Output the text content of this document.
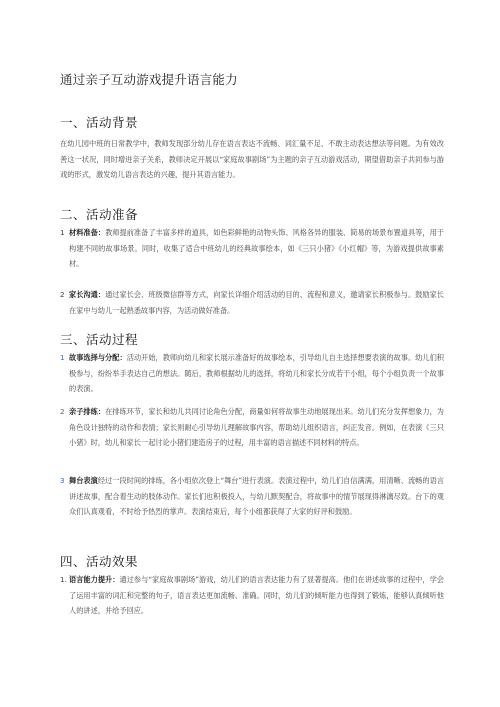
通过亲子互动游戏提升语言能力
一、活动背景
在幼儿园中班的日常教学中，教师发现部分幼儿存在语言表达不流畅、词汇量不足、不敢主动表达想法等问题。为有效改善这一状况，同时增进亲子关系，教师决定开展以“家庭故事剧场”为主题的亲子互动游戏活动，期望借助亲子共同参与游戏的形式，激发幼儿语言表达的兴趣，提升其语言能力。
二、活动准备
1 材料准备：教师提前准备了丰富多样的道具，如色彩鲜艳的动物头饰、风格各异的服装、简易的场景布置道具等，用于构建不同的故事场景。同时，收集了适合中班幼儿的经典故事绘本，如《三只小猪》《小红帽》等，为游戏提供故事素材。
2 家长沟通：通过家长会、班级微信群等方式，向家长详细介绍活动的目的、流程和意义，邀请家长积极参与。鼓励家长在家中与幼儿一起熟悉故事内容，为活动做好准备。
三、活动过程
1 故事选择与分配：活动开始，教师向幼儿和家长展示准备好的故事绘本，引导幼儿自主选择想要表演的故事。幼儿们积极参与，纷纷举手表达自己的想法。随后，教师根据幼儿的选择，将幼儿和家长分成若干小组，每个小组负责一个故事的表演。
2 亲子排练：在排练环节，家长和幼儿共同讨论角色分配，商量如何将故事生动地展现出来。幼儿们充分发挥想象力，为角色设计独特的动作和表情；家长则耐心引导幼儿理解故事内容，帮助幼儿组织语言，纠正发音。例如，在表演《三只小猪》时，幼儿和家长一起讨论小猪们建造房子的过程，用丰富的语言描述不同材料的特点。
3 舞台表演经过一段时间的排练，各小组依次登上“舞台”进行表演。表演过程中，幼儿们自信满满，用清晰、流畅的语言讲述故事，配合着生动的肢体动作。家长们也积极投入，与幼儿默契配合，将故事中的情节展现得淋漓尽致。台下的观众们认真观看，不时给予热烈的掌声。表演结束后，每个小组都获得了大家的好评和鼓励。
四、活动效果
1. 语言能力提升：通过参与“家庭故事剧场”游戏，幼儿们的语言表达能力有了显著提高。他们在讲述故事的过程中，学会了运用丰富的词汇和完整的句子，语言表达更加流畅、准确。同时，幼儿们的倾听能力也得到了锻炼，能够认真倾听他人的讲述，并给予回应。
